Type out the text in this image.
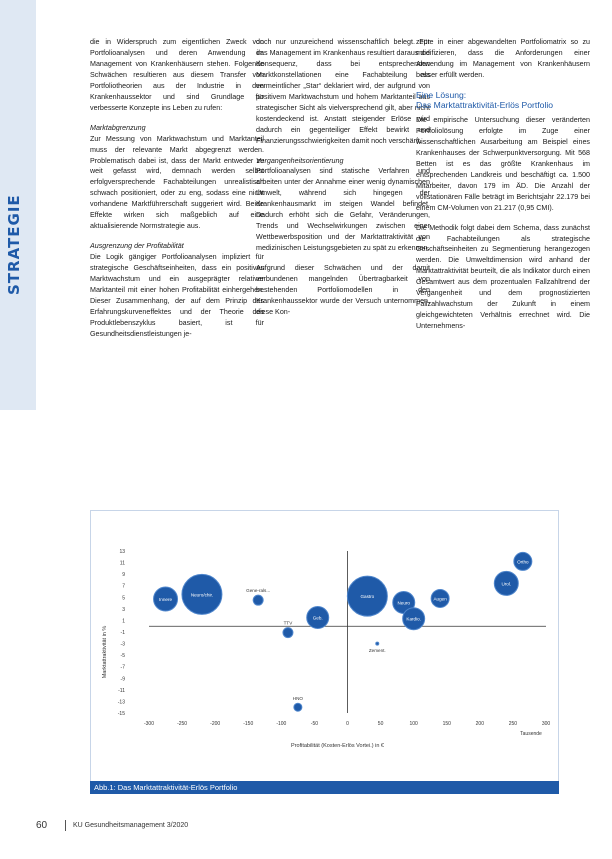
STRATEGIE

die in Widerspruch zum eigentlichen Zweck von Portfolioanalysen und deren Anwendung im Management von Krankenhäusern stehen. Folgende Schwächen resultieren aus diesem Transfer von Portfoliotheorien aus der Industrie in den Krankenhaussektor und sind Grundlage für verbesserte Konzepte ins Leben zu rufen:

Marktabgrenzung

Zur Messung von Marktwachstum und Marktanteil muss der relevante Markt abgegrenzt werden. Problematisch dabei ist, dass der Markt entweder zu weit gefasst wird, demnach werden selbst erfolgversprechende Fachabteilungen unrealistisch schwach positioniert, oder zu eng, sodass eine nicht vorhandene Marktführerschaft suggeriert wird. Beide Effekte wirken sich maßgeblich auf eine aktualisierende Normstrategie aus.

Ausgrenzung der Profitabilität

Die Logik gängiger Portfolioanalysen impliziert für strategische Geschäftseinheiten, dass ein positives Marktwachstum und ein ausgeprägter relativer Marktanteil mit einer hohen Profitabilität einhergehen. Dieser Zusammenhang, der auf dem Prinzip des Erfahrungskurveneffektes und der Theorie des Produktlebenszyklus basiert, ist für Gesundheitsdienstleistungen je-

doch nur unzureichend wissenschaftlich belegt. Für das Management im Krankenhaus resultiert daraus die Konsequenz, dass bei entsprechenden Marktkonstellationen eine Fachabteilung als vermeintlicher „Star“ deklariert wird, der aufgrund von positivem Marktwachstum und hohem Marktanteil aus strategischer Sicht als vielversprechend gilt, aber nicht kostendeckend ist. Anstatt steigender Erlöse wird dadurch ein gegenteiliger Effekt bewirkt und Finanzierungsschwierigkeiten damit noch verschärft.

Vergangenheitsorientierung

Portfolioanalysen sind statische Verfahren und arbeiten unter der Annahme einer wenig dynamischen Umwelt, während sich hingegen der Krankenhausmarkt im steigen Wandel befindet. Dadurch erhöht sich die Gefahr, Veränderungen, Trends und Wechselwirkungen zwischen einer Wettbewerbsposition und der Marktattraktivität von medizinischen Leistungsgebieten zu spät zu erkennen.

Aufgrund dieser Schwächen und der damit verbundenen mangelnden Übertragbarkeit von bestehenden Portfoliomodellen in den Krankenhaussektor wurde der Versuch unternommen, diese Kon-

zepte in einer abgewandelten Portfoliomatrix so zu modifizieren, dass die Anforderungen einer Anwendung im Management von Krankenhäusern besser erfüllt werden.

Eine Lösung:
Das Marktattraktivität-Erlös Portfolio

Die empirische Untersuchung dieser veränderten Portfoliolösung erfolgte im Zuge einer wissenschaftlichen Ausarbeitung am Beispiel eines Krankenhauses der Schwerpunktversorgung. Mit 568 Betten ist es das größte Krankenhaus im entsprechenden Landkreis und beschäftigt ca. 1.500 Mitarbeiter, davon 179 im ÄD. Die Anzahl der vollstationären Fälle beträgt im Berichtsjahr 22.179 bei einem CM-Volumen von 21.217 (0,95 CMI).

Die Methodik folgt dabei dem Schema, dass zunächst die Fachabteilungen als strategische Geschäftseinheiten zu Segmentierung herangezogen werden. Die Umweltdimension wird anhand der Marktattraktivität beurteilt, die als Indikator durch einen Gesamtwert aus dem prozentualen Fallzahltrend der Vergangenheit und dem prognostizierten Fallzahlwachstum der Zukunft in einem gleichgewichteten Verhältnis errechnet wird. Die Unternehmens-

13
11
9
7
5
3
1
-1
-3
-5
-7
-9
-11
-13
-15
-300	-250	-200	-150	-100	-50	0	50	100	150	200	250	300
Tausende
Profitabilität (Kosten-Erlös Vortei.) in €
Marktattraktivität in %
Innere
Neuro/chir.
Gene-rals...
TTV
Geb.
Gastro
Neuro
Augen
Kardio.
Zement.
HNO
Urol.
Ortho
Abb.1: Das Marktattraktivität-Erlös Portfolio
60	KU Gesundheitsmanagement 3/2020
